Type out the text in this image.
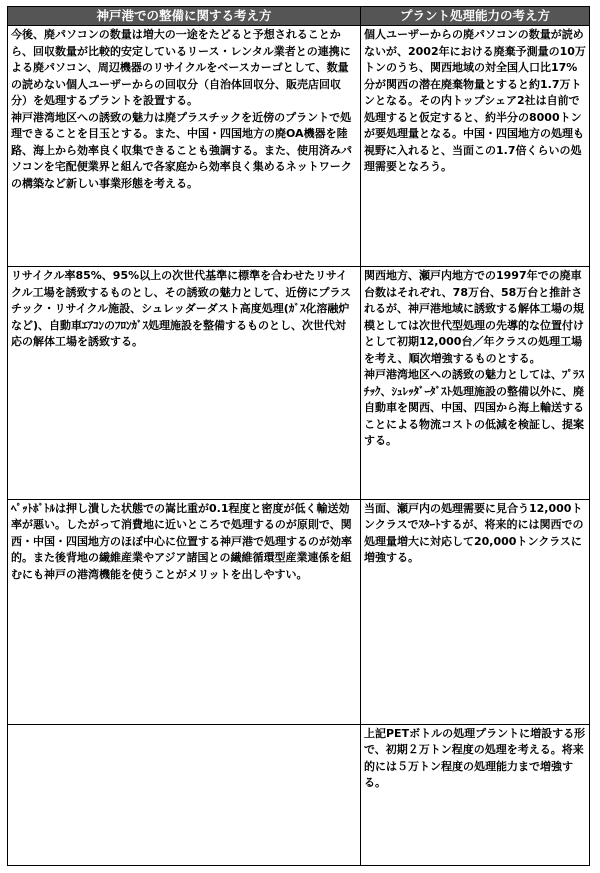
神戸港での整備に関する考え方	プラント処理能力の考え方
今後、廃パソコンの数量は増大の一途をたどると予想されることから、回収数量が比較的安定しているリース・レンタル業者との連携による廃パソコン、周辺機器のリサイクルをベースカーゴとして、数量の読めない個人ユーザーからの回収分（自治体回収分、販売店回収分）を処理するプラントを設置する。
神戸港湾地区への誘致の魅力は廃プラスチックを近傍のプラントで処理できることを目玉とする。また、中国・四国地方の廃OA機器を陸路、海上から効率良く収集できることも強調する。また、使用済みパソコンを宅配便業界と組んで各家庭から効率良く集めるネットワークの構築など新しい事業形態を考える。	個人ユーザーからの廃パソコンの数量が読めないが、2002年における廃棄予測量の10万トンのうち、関西地域の対全国人口比17%分が関西の潜在廃棄物量とすると約1.7万トンとなる。その内トップシェア2社は自前で処理すると仮定すると、約半分の8000トンが要処理量となる。中国・四国地方の処理も視野に入れると、当面この1.7倍くらいの処理需要となろう。
リサイクル率85%、95%以上の次世代基準に標準を合わせたリサイクル工場を誘致するものとし、その誘致の魅力として、近傍にプラスチック・リサイクル施設、シュレッダーダスト高度処理(ｶﾞｽ化溶融炉など)、自動車ｴｱｺﾝのﾌﾛﾝｶﾞｽ処理施設を整備するものとし、次世代対応の解体工場を誘致する。	関西地方、瀬戸内地方での1997年での廃車台数はそれぞれ、78万台、58万台と推計されるが、神戸港地域に誘致する解体工場の規模としては次世代型処理の先導的な位置付けとして初期12,000台／年クラスの処理工場を考え、順次増強するものとする。
神戸港湾地区への誘致の魅力としては、ﾌﾟﾗｽﾁｯｸ、ｼｭﾚｯﾀﾞｰﾀﾞｽﾄ処理施設の整備以外に、廃自動車を関西、中国、四国から海上輸送することによる物流コストの低減を検証し、提案する。
ﾍﾟｯﾄﾎﾞﾄﾙは押し潰した状態での嵩比重が0.1程度と密度が低く輸送効率が悪い。したがって消費地に近いところで処理するのが原則で、関西・中国・四国地方のほぼ中心に位置する神戸港で処理するのが効率的。また後背地の繊維産業やアジア諸国との繊維循環型産業連係を組むにも神戸の港湾機能を使うことがメリットを出しやすい。	当面、瀬戸内の処理需要に見合う12,000トンクラスでｽﾀｰﾄするが、将来的には関西での処理量増大に対応して20,000トンクラスに増強する。
	上記PETボトルの処理プラントに増設する形で、初期２万トン程度の処理を考える。将来的には５万トン程度の処理能力まで増強する。
